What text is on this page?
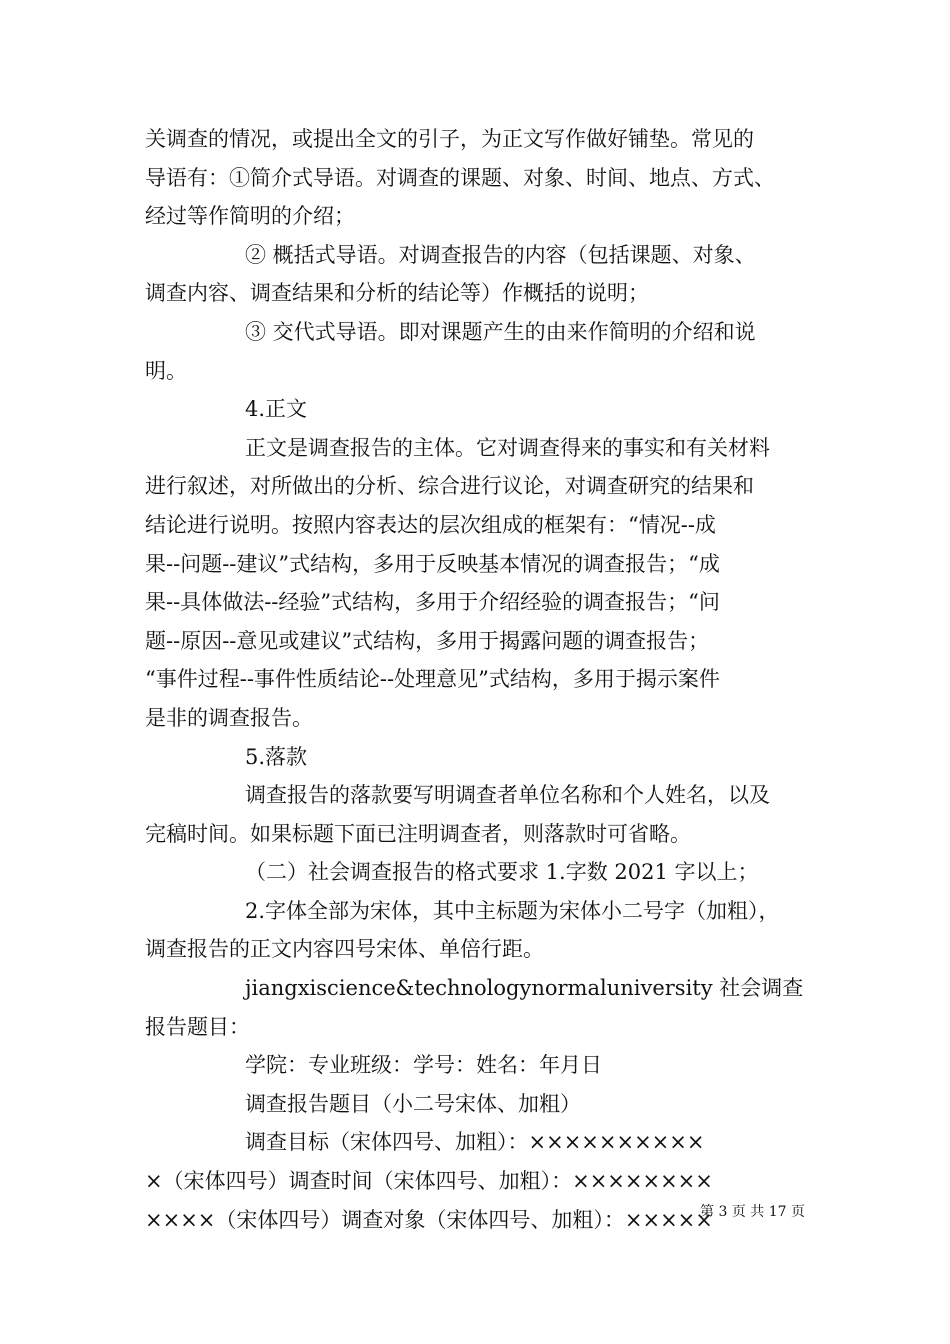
关调查的情况，或提出全文的引子，为正文写作做好铺垫。常见的
导语有：①简介式导语。对调查的课题、对象、时间、地点、方式、
经过等作简明的介绍；
② 概括式导语。对调查报告的内容（包括课题、对象、
调查内容、调查结果和分析的结论等）作概括的说明；
③ 交代式导语。即对课题产生的由来作简明的介绍和说
明。
4.正文
正文是调查报告的主体。它对调查得来的事实和有关材料
进行叙述，对所做出的分析、综合进行议论，对调查研究的结果和
结论进行说明。按照内容表达的层次组成的框架有：“情况--成
果--问题--建议”式结构，多用于反映基本情况的调查报告；“成
果--具体做法--经验”式结构，多用于介绍经验的调查报告；“问
题--原因--意见或建议”式结构，多用于揭露问题的调查报告；
“事件过程--事件性质结论--处理意见”式结构，多用于揭示案件
是非的调查报告。
5.落款
调查报告的落款要写明调查者单位名称和个人姓名，以及
完稿时间。如果标题下面已注明调查者，则落款时可省略。
（二）社会调查报告的格式要求 1.字数 2021 字以上；
2.字体全部为宋体，其中主标题为宋体小二号字（加粗），
调查报告的正文内容四号宋体、单倍行距。
jiangxiscience&technologynormaluniversity 社会调查
报告题目：
学院：专业班级：学号：姓名：年月日
调查报告题目（小二号宋体、加粗）
调查目标（宋体四号、加粗）：××××××××××
×（宋体四号）调查时间（宋体四号、加粗）：××××××××
××××（宋体四号）调查对象（宋体四号、加粗）：×××××
第 3 页 共 17 页
